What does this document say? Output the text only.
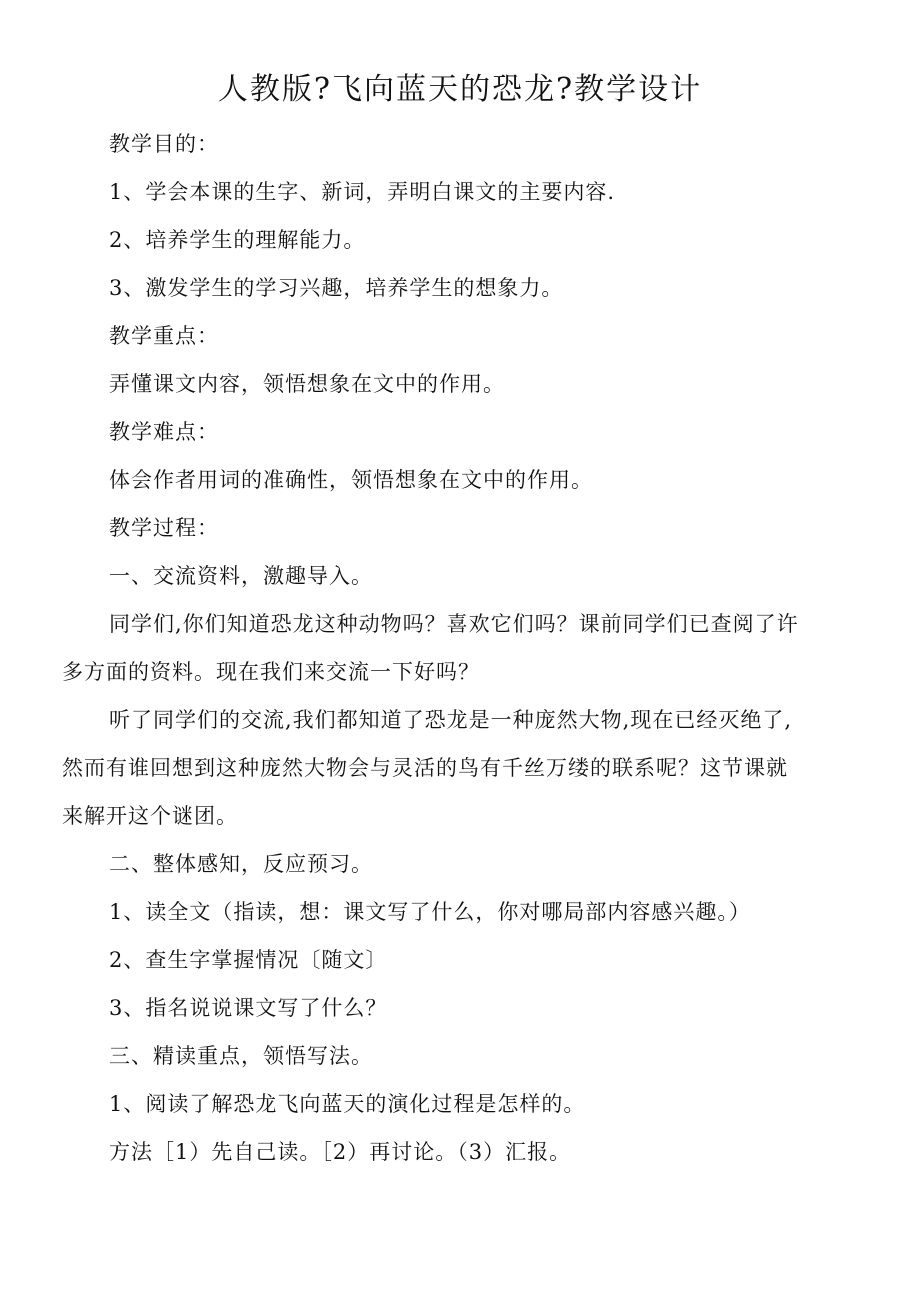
人教版?飞向蓝天的恐龙?教学设计
教学目的：
1、学会本课的生字、新词，弄明白课文的主要内容.
2、培养学生的理解能力。
3、激发学生的学习兴趣，培养学生的想象力。
教学重点：
弄懂课文内容，领悟想象在文中的作用。
教学难点：
体会作者用词的准确性，领悟想象在文中的作用。
教学过程：
一、交流资料，激趣导入。
同学们,你们知道恐龙这种动物吗？喜欢它们吗？课前同学们已查阅了许
多方面的资料。现在我们来交流一下好吗？
听了同学们的交流,我们都知道了恐龙是一种庞然大物,现在已经灭绝了,
然而有谁回想到这种庞然大物会与灵活的鸟有千丝万缕的联系呢？这节课就
来解开这个谜团。
二、整体感知，反应预习。
1、读全文（指读，想：课文写了什么，你对哪局部内容感兴趣。）
2、查生字掌握情况〔随文〕
3、指名说说课文写了什么？
三、精读重点，领悟写法。
1、阅读了解恐龙飞向蓝天的演化过程是怎样的。
方法［1）先自己读。［2）再讨论。（3）汇报。
